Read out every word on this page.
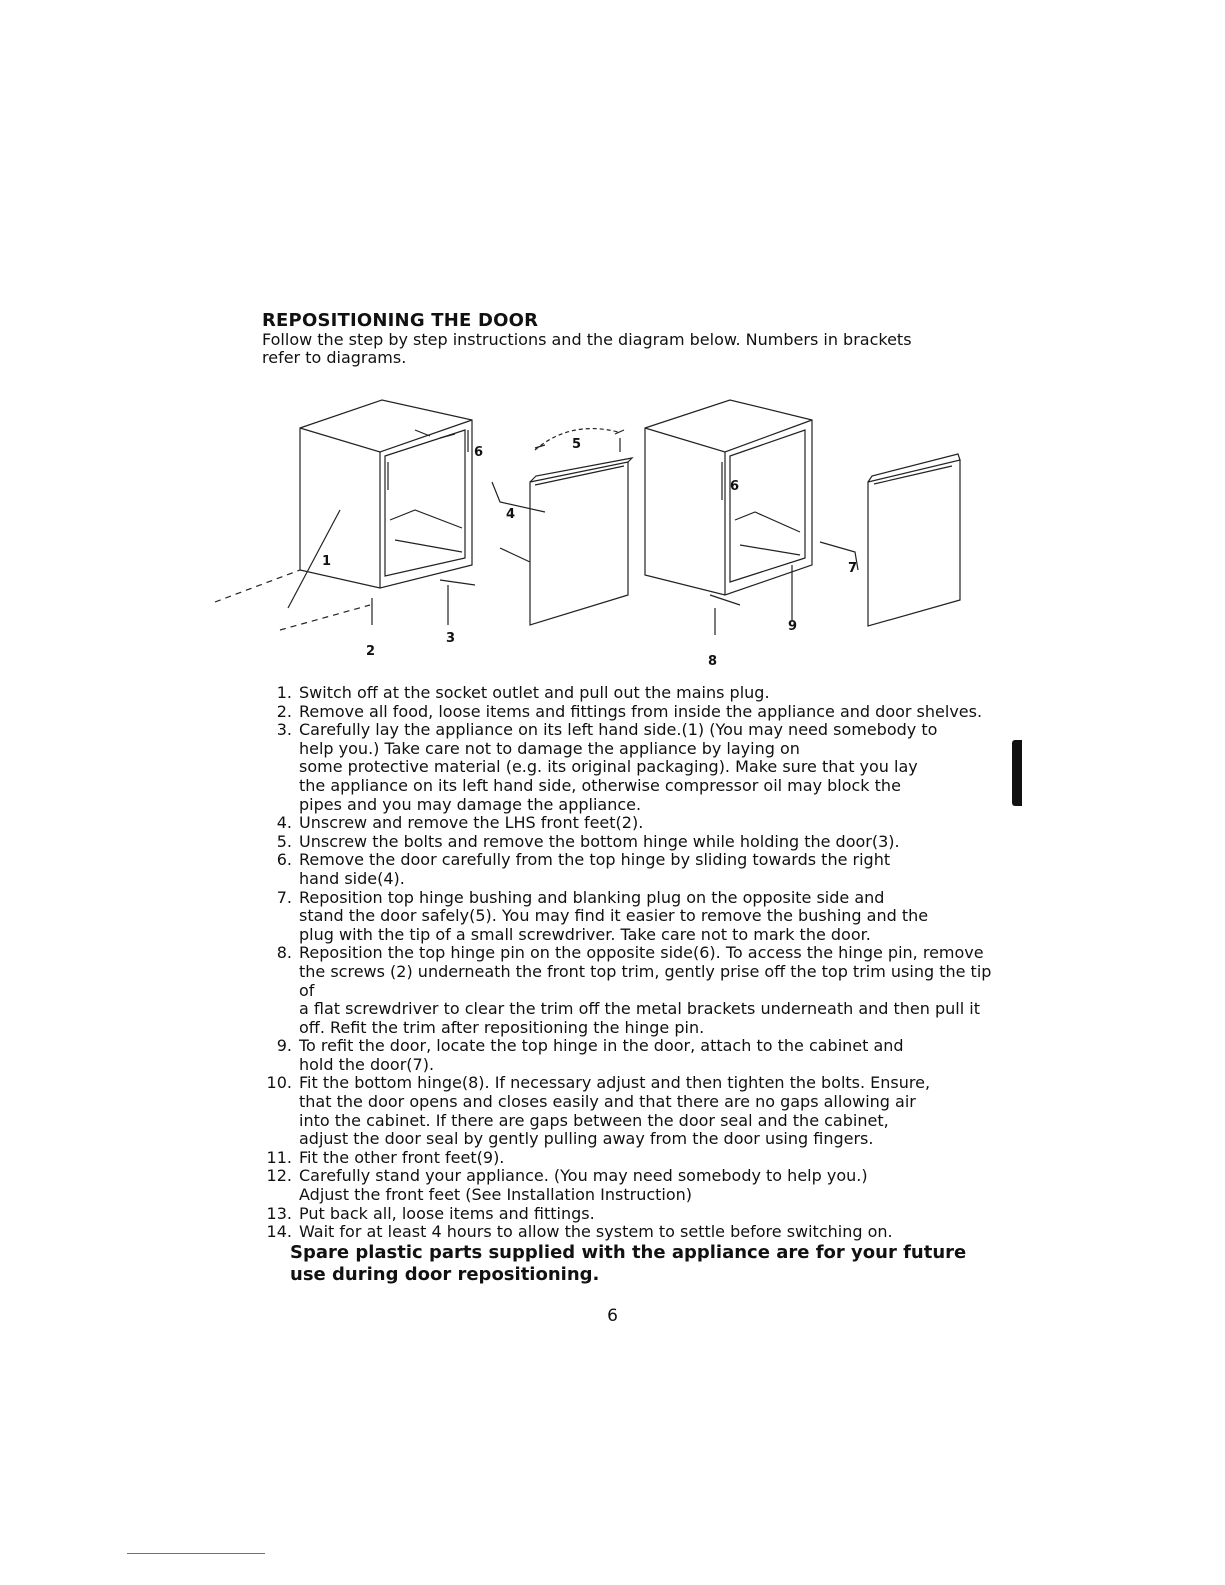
REPOSITIONING THE DOOR
Follow the step by step instructions and the diagram below. Numbers in brackets refer to diagrams.
1
2
3
4
5
6
6
7
8
9
1. Switch off at the socket outlet and pull out the mains plug.
2. Remove all food, loose items and fittings from inside the appliance and door shelves.
3. Carefully lay the appliance on its left hand side.(1) (You may need somebody to
help you.) Take care not to damage the appliance by laying on
some protective material (e.g. its original packaging). Make sure that you lay
the appliance on its left hand side, otherwise compressor oil may block the
pipes and you may damage the appliance.
4. Unscrew and remove the LHS front feet(2).
5. Unscrew the bolts and remove the bottom hinge while holding the door(3).
6. Remove the door carefully from the top hinge by sliding towards the right
hand side(4).
7. Reposition top hinge bushing and blanking plug on the opposite side and
stand the door safely(5). You may find it easier to remove the bushing and the
plug with the tip of a small screwdriver. Take care not to mark the door.
8. Reposition the top hinge pin on the opposite side(6). To access the hinge pin, remove
the screws (2) underneath the front top trim, gently prise off the top trim using the tip of
a flat screwdriver to clear the trim off the metal brackets underneath and then pull it
off. Refit the trim after repositioning the hinge pin.
9. To refit the door, locate the top hinge in the door, attach to the cabinet and
hold the door(7).
10. Fit the bottom hinge(8). If necessary adjust and then tighten the bolts. Ensure,
that the door opens and closes easily and that there are no gaps allowing air
into the cabinet. If there are gaps between the door seal and the cabinet,
adjust the door seal by gently pulling away from the door using fingers.
11. Fit the other front feet(9).
12. Carefully stand your appliance. (You may need somebody to help you.)
Adjust the front feet (See Installation Instruction)
13. Put back all, loose items and fittings.
14. Wait for at least 4 hours to allow the system to settle before switching on.
Spare plastic parts supplied with the appliance are for your future use during door repositioning.
6
